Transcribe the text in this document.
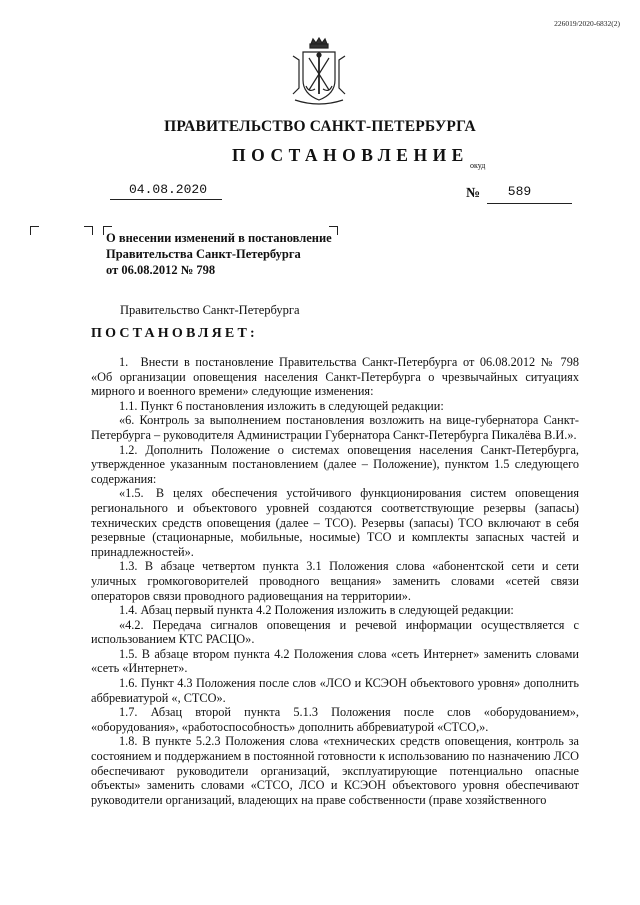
226019/2020-6832(2)
ПРАВИТЕЛЬСТВО САНКТ-ПЕТЕРБУРГА
ПОСТАНОВЛЕНИЕ
окуд
04.08.2020	№	589
О внесении изменений в постановление
Правительства Санкт-Петербурга
от 06.08.2012 № 798
Правительство Санкт-Петербурга
ПОСТАНОВЛЯЕТ:

1. Внести в постановление Правительства Санкт-Петербурга от 06.08.2012 № 798 «Об организации оповещения населения Санкт-Петербурга о чрезвычайных ситуациях мирного и военного времени» следующие изменения:

1.1. Пункт 6 постановления изложить в следующей редакции:

«6. Контроль за выполнением постановления возложить на вице-губернатора Санкт-Петербурга – руководителя Администрации Губернатора Санкт-Петербурга Пикалёва В.И.».

1.2. Дополнить Положение о системах оповещения населения Санкт-Петербурга, утвержденное указанным постановлением (далее – Положение), пунктом 1.5 следующего содержания:

«1.5. В целях обеспечения устойчивого функционирования систем оповещения регионального и объектового уровней создаются соответствующие резервы (запасы) технических средств оповещения (далее – ТСО). Резервы (запасы) ТСО включают в себя резервные (стационарные, мобильные, носимые) ТСО и комплекты запасных частей и принадлежностей».

1.3. В абзаце четвертом пункта 3.1 Положения слова «абонентской сети и сети уличных громкоговорителей проводного вещания» заменить словами «сетей связи операторов связи проводного радиовещания на территории».

1.4. Абзац первый пункта 4.2 Положения изложить в следующей редакции:

«4.2. Передача сигналов оповещения и речевой информации осуществляется с использованием КТС РАСЦО».

1.5. В абзаце втором пункта 4.2 Положения слова «сеть Интернет» заменить словами «сеть «Интернет».

1.6. Пункт 4.3 Положения после слов «ЛСО и КСЭОН объектового уровня» дополнить аббревиатурой «, СТСО».

1.7. Абзац второй пункта 5.1.3 Положения после слов «оборудованием», «оборудования», «работоспособность» дополнить аббревиатурой «СТСО,».

1.8. В пункте 5.2.3 Положения слова «технических средств оповещения, контроль за состоянием и поддержанием в постоянной готовности к использованию по назначению ЛСО обеспечивают руководители организаций, эксплуатирующие потенциально опасные объекты» заменить словами «СТСО, ЛСО и КСЭОН объектового уровня обеспечивают руководители организаций, владеющих на праве собственности (праве хозяйственного
